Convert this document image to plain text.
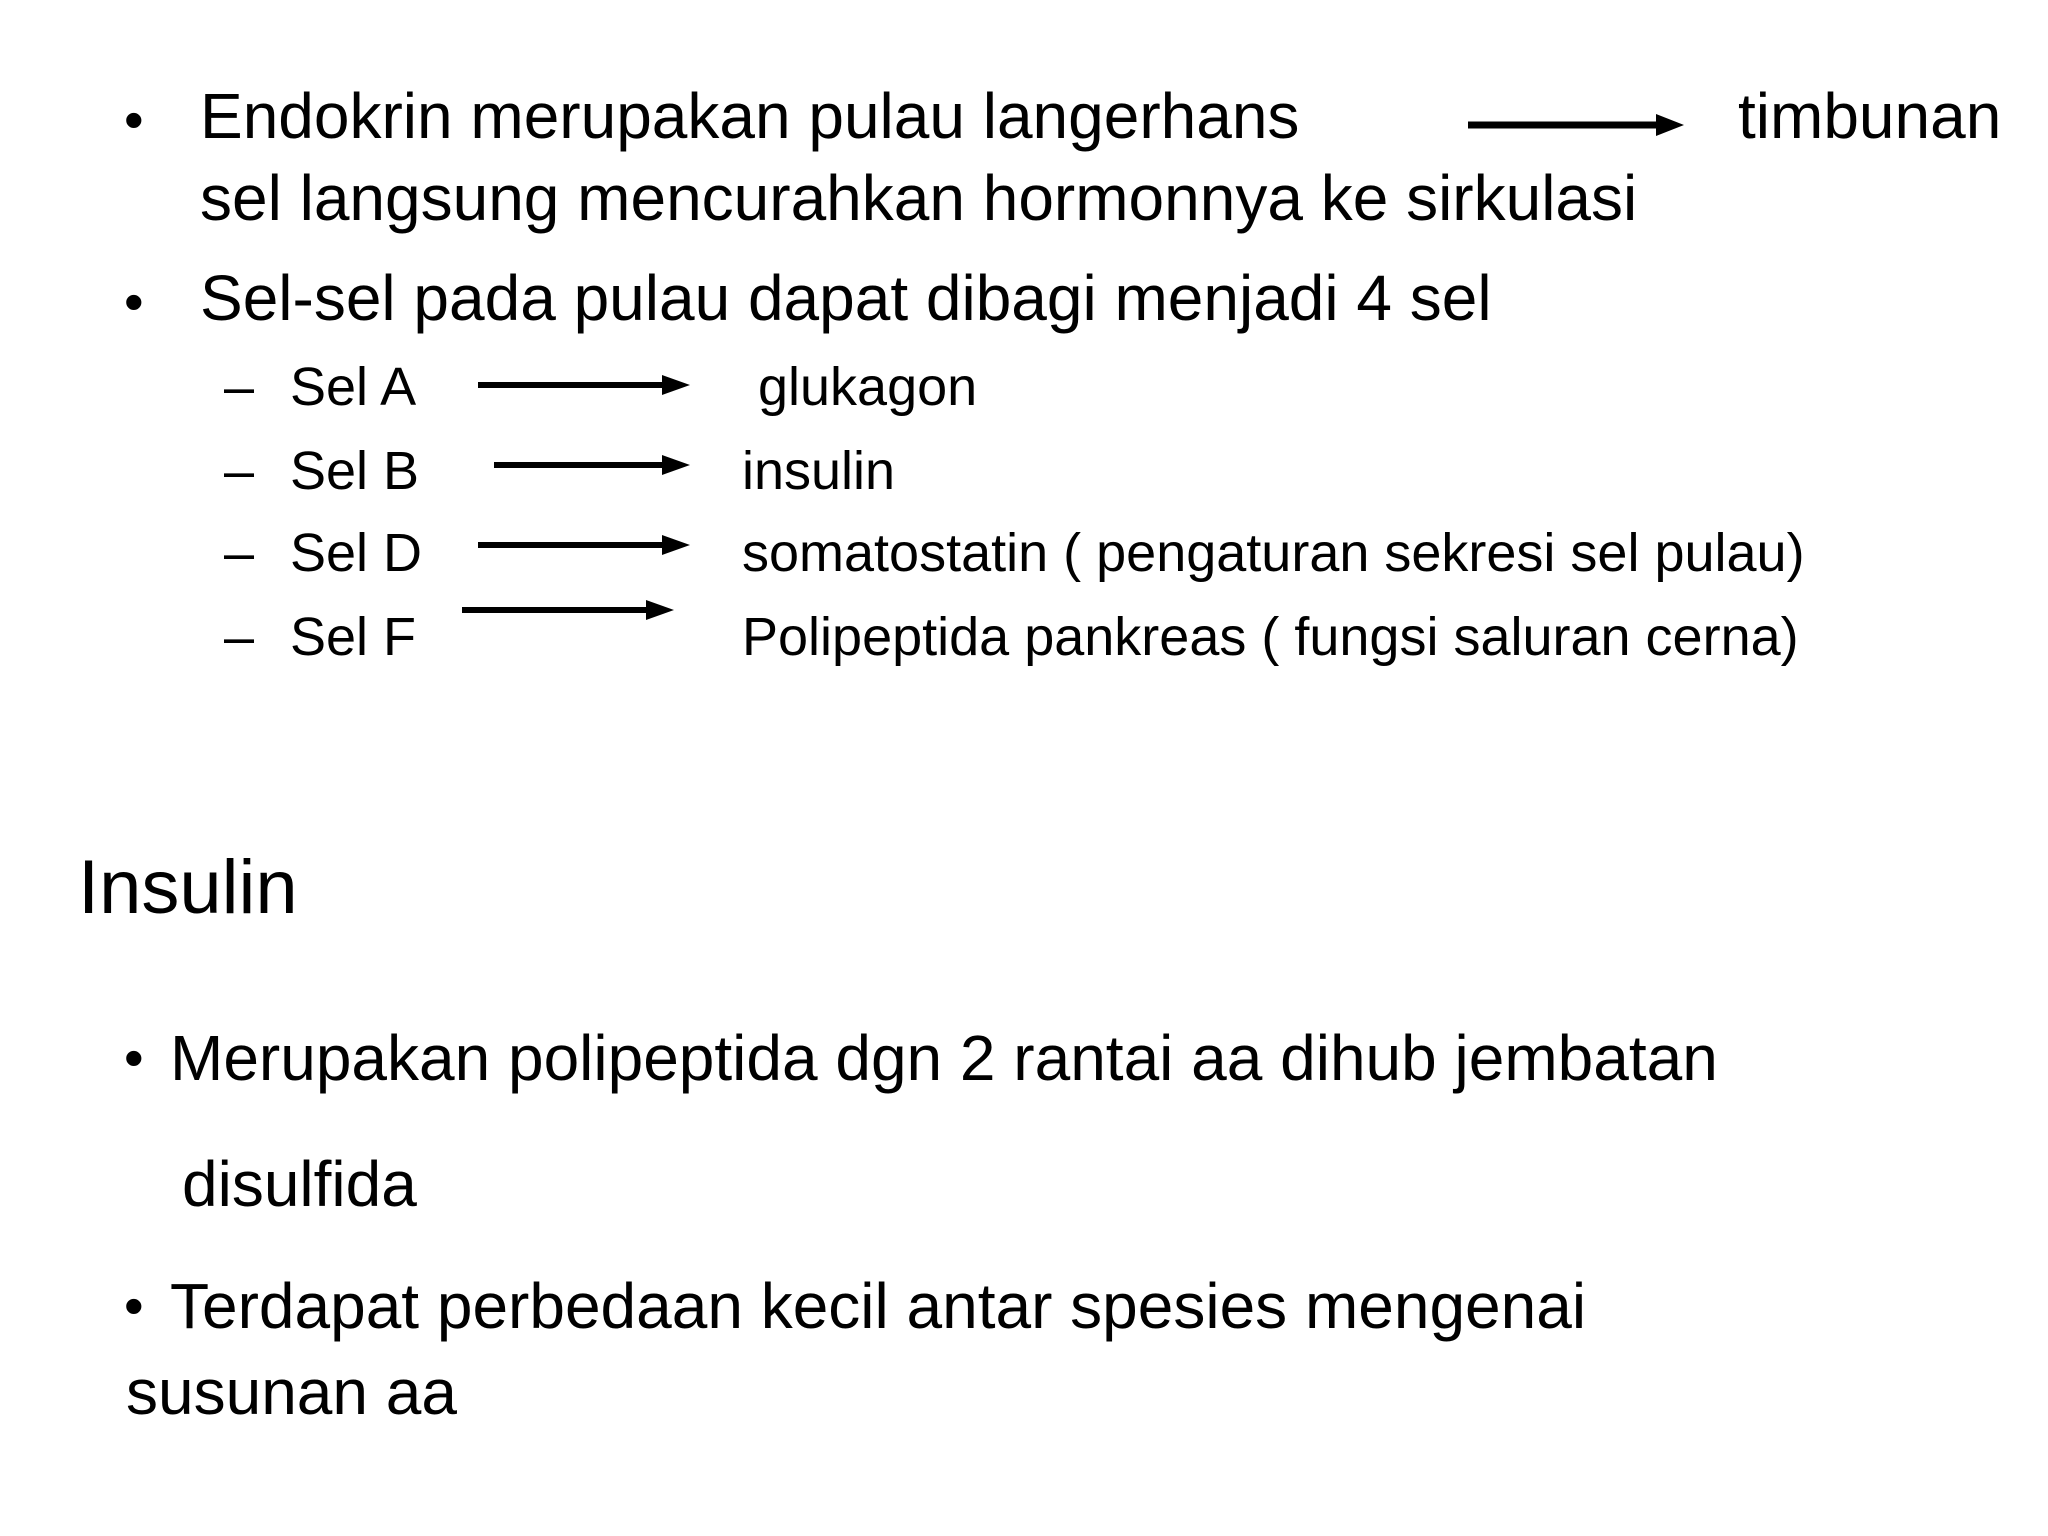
• Endokrin merupakan pulau langerhans	timbunan
sel langsung mencurahkan hormonnya ke sirkulasi
• Sel-sel pada pulau dapat dibagi menjadi 4 sel
– Sel A	glukagon
– Sel B	insulin
– Sel D	somatostatin ( pengaturan sekresi sel pulau)
– Sel F	Polipeptida pankreas ( fungsi saluran cerna)
Insulin
• Merupakan polipeptida dgn 2 rantai aa dihub jembatan
disulfida
• Terdapat perbedaan kecil antar spesies mengenai
susunan aa
